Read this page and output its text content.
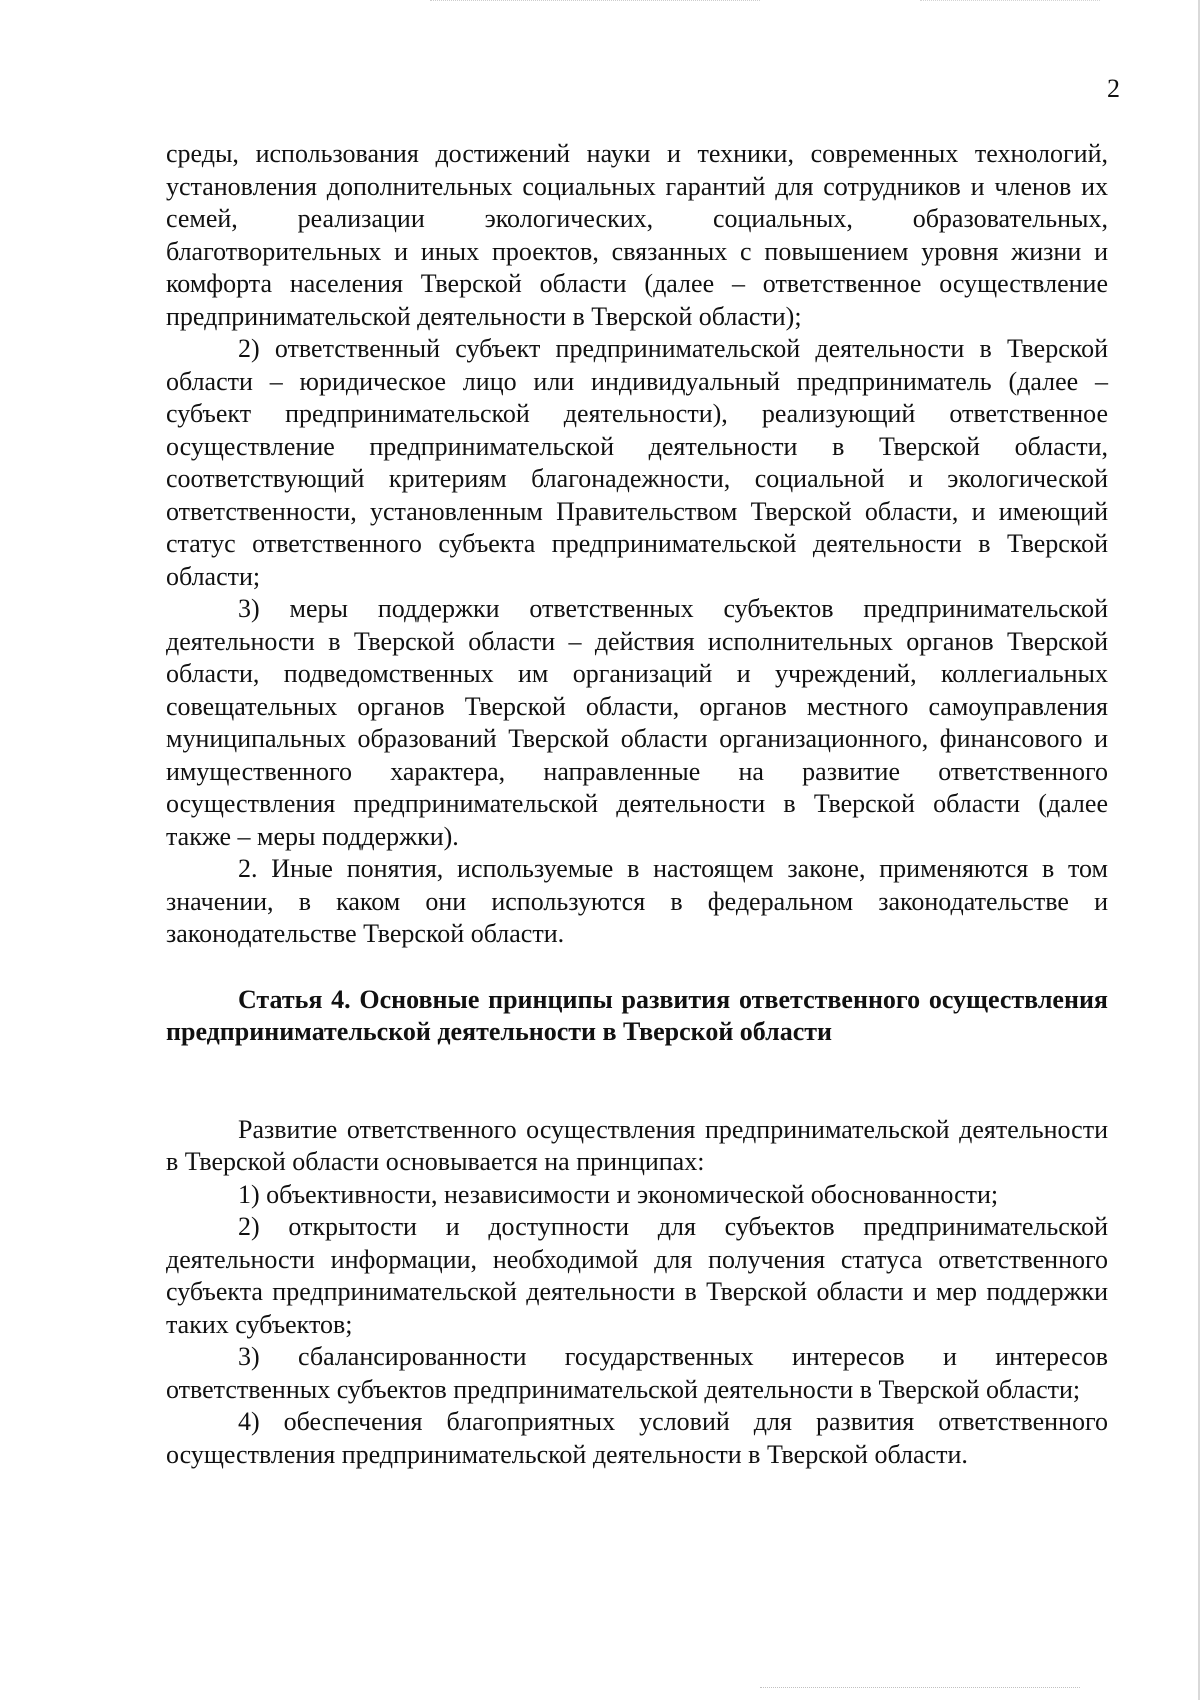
2

среды, использования достижений науки и техники, современных технологий, установления дополнительных социальных гарантий для сотрудников и членов их семей, реализации экологических, социальных, образовательных, благотворительных и иных проектов, связанных с повышением уровня жизни и комфорта населения Тверской области (далее – ответственное осуществление предпринимательской деятельности в Тверской области);

2) ответственный субъект предпринимательской деятельности в Тверской области – юридическое лицо или индивидуальный предприниматель (далее – субъект предпринимательской деятельности), реализующий ответственное осуществление предпринимательской деятельности в Тверской области, соответствующий критериям благонадежности, социальной и экологической ответственности, установленным Правительством Тверской области, и имеющий статус ответственного субъекта предпринимательской деятельности в Тверской области;

3) меры поддержки ответственных субъектов предпринимательской деятельности в Тверской области – действия исполнительных органов Тверской области, подведомственных им организаций и учреждений, коллегиальных совещательных органов Тверской области, органов местного самоуправления муниципальных образований Тверской области организационного, финансового и имущественного характера, направленные на развитие ответственного осуществления предпринимательской деятельности в Тверской области (далее также – меры поддержки).

2. Иные понятия, используемые в настоящем законе, применяются в том значении, в каком они используются в федеральном законодательстве и законодательстве Тверской области.

Статья 4. Основные принципы развития ответственного осуществления предпринимательской деятельности в Тверской области

Развитие ответственного осуществления предпринимательской деятельности в Тверской области основывается на принципах:

1) объективности, независимости и экономической обоснованности;

2) открытости и доступности для субъектов предпринимательской деятельности информации, необходимой для получения статуса ответственного субъекта предпринимательской деятельности в Тверской области и мер поддержки таких субъектов;

3) сбалансированности государственных интересов и интересов ответственных субъектов предпринимательской деятельности в Тверской области;

4) обеспечения благоприятных условий для развития ответственного осуществления предпринимательской деятельности в Тверской области.
